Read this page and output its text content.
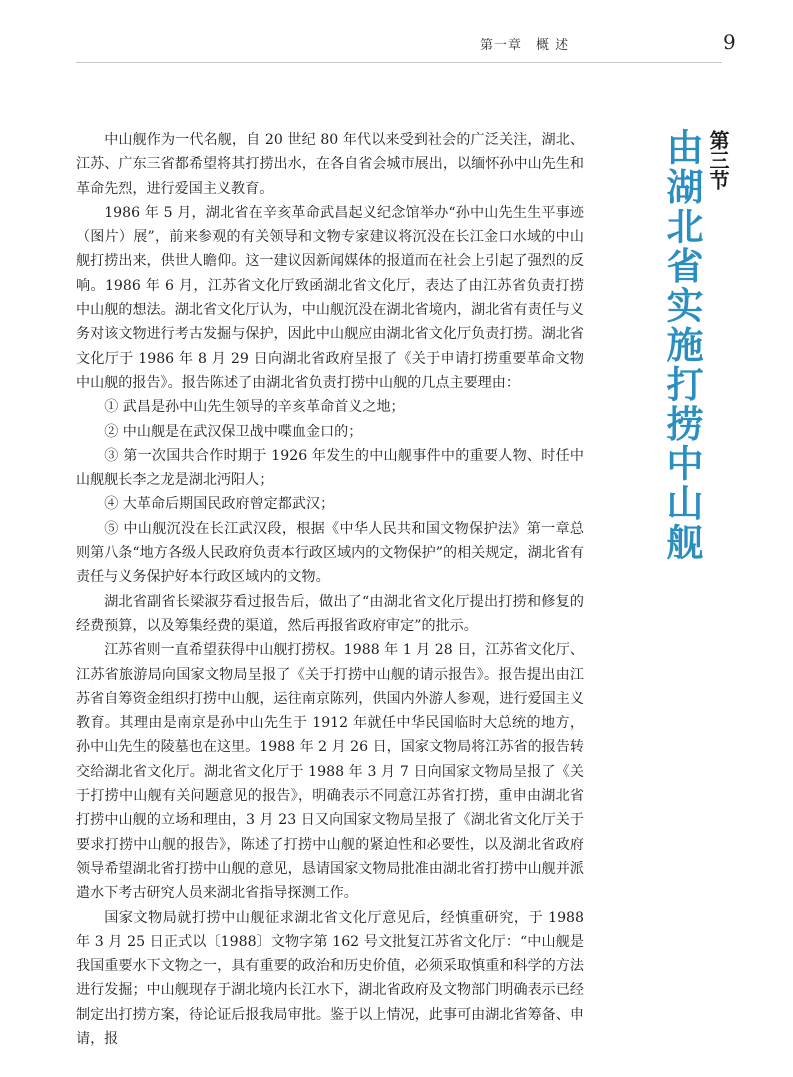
第一章　概 述	9
第三节
由湖北省实施打捞中山舰

中山舰作为一代名舰，自 20 世纪 80 年代以来受到社会的广泛关注，湖北、江苏、广东三省都希望将其打捞出水，在各自省会城市展出，以缅怀孙中山先生和革命先烈，进行爱国主义教育。

1986 年 5 月，湖北省在辛亥革命武昌起义纪念馆举办“孙中山先生生平事迹（图片）展”，前来参观的有关领导和文物专家建议将沉没在长江金口水域的中山舰打捞出来，供世人瞻仰。这一建议因新闻媒体的报道而在社会上引起了强烈的反响。1986 年 6 月，江苏省文化厅致函湖北省文化厅，表达了由江苏省负责打捞中山舰的想法。湖北省文化厅认为，中山舰沉没在湖北省境内，湖北省有责任与义务对该文物进行考古发掘与保护，因此中山舰应由湖北省文化厅负责打捞。湖北省文化厅于 1986 年 8 月 29 日向湖北省政府呈报了《关于申请打捞重要革命文物中山舰的报告》。报告陈述了由湖北省负责打捞中山舰的几点主要理由：

① 武昌是孙中山先生领导的辛亥革命首义之地；

② 中山舰是在武汉保卫战中喋血金口的；

③ 第一次国共合作时期于 1926 年发生的中山舰事件中的重要人物、时任中山舰舰长李之龙是湖北沔阳人；

④ 大革命后期国民政府曾定都武汉；

⑤ 中山舰沉没在长江武汉段，根据《中华人民共和国文物保护法》第一章总则第八条“地方各级人民政府负责本行政区域内的文物保护”的相关规定，湖北省有责任与义务保护好本行政区域内的文物。

湖北省副省长梁淑芬看过报告后，做出了“由湖北省文化厅提出打捞和修复的经费预算，以及筹集经费的渠道，然后再报省政府审定”的批示。

江苏省则一直希望获得中山舰打捞权。1988 年 1 月 28 日，江苏省文化厅、江苏省旅游局向国家文物局呈报了《关于打捞中山舰的请示报告》。报告提出由江苏省自筹资金组织打捞中山舰，运往南京陈列，供国内外游人参观，进行爱国主义教育。其理由是南京是孙中山先生于 1912 年就任中华民国临时大总统的地方，孙中山先生的陵墓也在这里。1988 年 2 月 26 日，国家文物局将江苏省的报告转交给湖北省文化厅。湖北省文化厅于 1988 年 3 月 7 日向国家文物局呈报了《关于打捞中山舰有关问题意见的报告》，明确表示不同意江苏省打捞，重申由湖北省打捞中山舰的立场和理由，3 月 23 日又向国家文物局呈报了《湖北省文化厅关于要求打捞中山舰的报告》，陈述了打捞中山舰的紧迫性和必要性，以及湖北省政府领导希望湖北省打捞中山舰的意见，恳请国家文物局批准由湖北省打捞中山舰并派遣水下考古研究人员来湖北省指导探测工作。

国家文物局就打捞中山舰征求湖北省文化厅意见后，经慎重研究，于 1988 年 3 月 25 日正式以〔1988〕文物字第 162 号文批复江苏省文化厅：“中山舰是我国重要水下文物之一，具有重要的政治和历史价值，必须采取慎重和科学的方法进行发掘；中山舰现存于湖北境内长江水下，湖北省政府及文物部门明确表示已经制定出打捞方案，待论证后报我局审批。鉴于以上情况，此事可由湖北省筹备、申请，报
